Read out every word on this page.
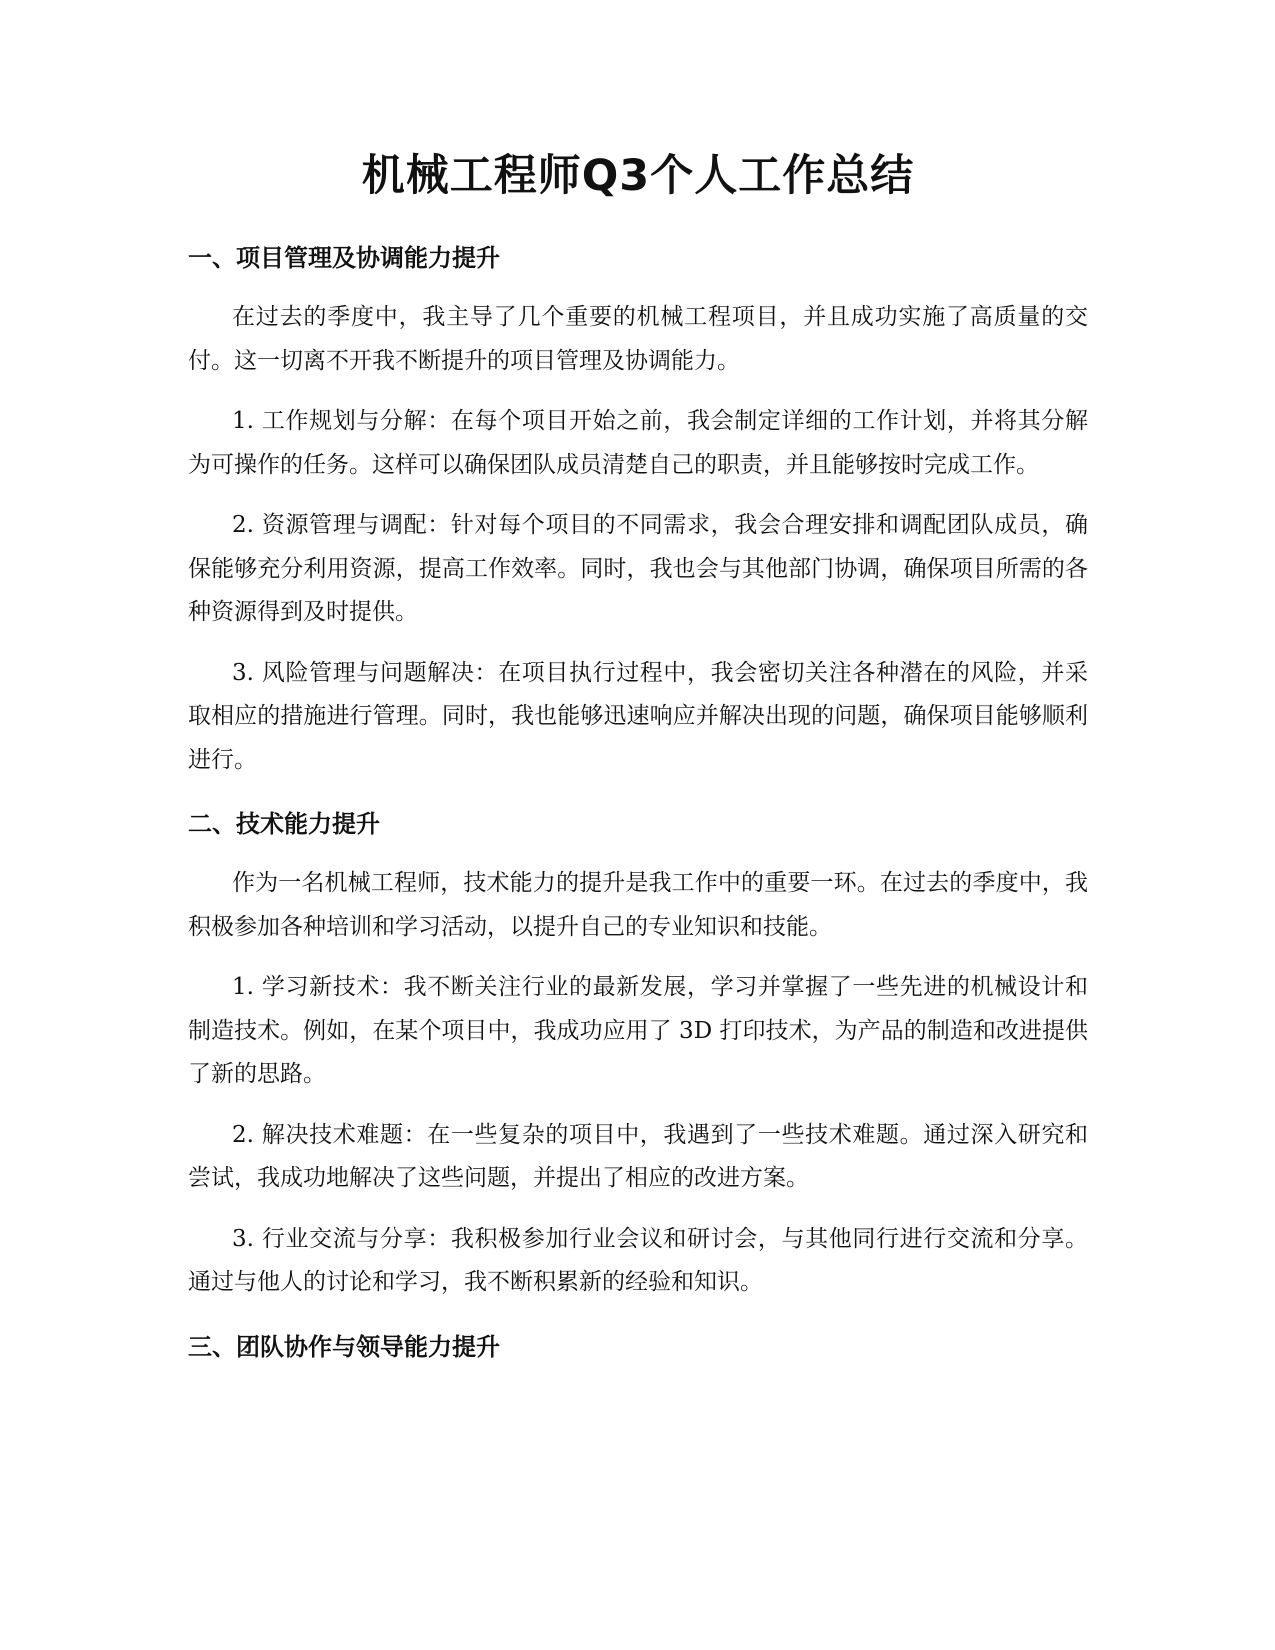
机械工程师Q3个人工作总结
一、项目管理及协调能力提升

在过去的季度中，我主导了几个重要的机械工程项目，并且成功实施了高质量的交付。这一切离不开我不断提升的项目管理及协调能力。

1. 工作规划与分解：在每个项目开始之前，我会制定详细的工作计划，并将其分解为可操作的任务。这样可以确保团队成员清楚自己的职责，并且能够按时完成工作。

2. 资源管理与调配：针对每个项目的不同需求，我会合理安排和调配团队成员，确保能够充分利用资源，提高工作效率。同时，我也会与其他部门协调，确保项目所需的各种资源得到及时提供。

3. 风险管理与问题解决：在项目执行过程中，我会密切关注各种潜在的风险，并采取相应的措施进行管理。同时，我也能够迅速响应并解决出现的问题，确保项目能够顺利进行。

二、技术能力提升

作为一名机械工程师，技术能力的提升是我工作中的重要一环。在过去的季度中，我积极参加各种培训和学习活动，以提升自己的专业知识和技能。

1. 学习新技术：我不断关注行业的最新发展，学习并掌握了一些先进的机械设计和制造技术。例如，在某个项目中，我成功应用了 3D 打印技术，为产品的制造和改进提供了新的思路。

2. 解决技术难题：在一些复杂的项目中，我遇到了一些技术难题。通过深入研究和尝试，我成功地解决了这些问题，并提出了相应的改进方案。

3. 行业交流与分享：我积极参加行业会议和研讨会，与其他同行进行交流和分享。通过与他人的讨论和学习，我不断积累新的经验和知识。

三、团队协作与领导能力提升
